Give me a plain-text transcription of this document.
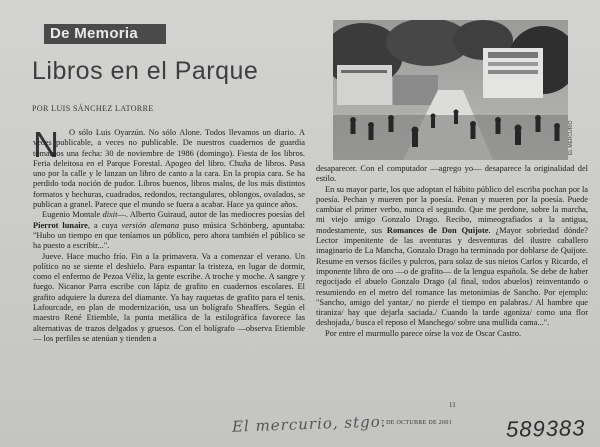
De Memoria
Libros en el Parque
POR LUIS SÁNCHEZ LATORRE
EL MERCURIO
N	O sólo Luis Oyarzún. No sólo Alone. Todos llevamos un diario. A veces publicable, a veces no publicable. De nuestros cuadernos de guardia tomamos una fecha: 30 de noviembre de 1986 (domingo). Fiesta de los libros. Feria deleitosa en el Parque Forestal. Apogeo del libro. Chuña de libros. Pasa uno por la calle y le lanzan un libro de canto a la cara. En la propia cara. Se ha perdido toda noción de pudor. Libros buenos, libros malos, de los más distintos formatos y hechuras, cuadrados, redondos, rectangulares, oblongos, ovalados, se publican a granel. Parece que el mundo se fuera a acabar. Hace ya quince años.

Eugenio Montale dixit—. Alberto Guiraud, autor de las mediocres poesías del Pierrot lunaire, a cuya versión alemana puso música Schönberg, apuntaba: "Hubo un tiempo en que teníamos un público, pero ahora también el público se ha puesto a escribir...".

Jueve. Hace mucho frío. Fin a la primavera. Va a comenzar el verano. Un político no se siente el deshielo. Para espantar la tristeza, en lugar de dormir, como el enfermo de Pezoa Véliz, la gente escribe. A troche y moche. A sangre y fuego. Nicanor Parra escribe con lápiz de grafito en cuadernos escolares. El grafito adquiere la dureza del diamante. Ya hay raquetas de grafito para el tenis. Lafourcade, en plan de modernización, usa un bolígrafo Sheaffers. Según el maestro René Etiemble, la punta metálica de la estilográfica favorece las alternativas de trazos delgados y gruesos. Con el bolígrafo —observa Etiemble— los perfiles se atenúan y tienden a

desaparecer. Con el computador —agrego yo— desaparece la originalidad del estilo.

En su mayor parte, los que adoptan el hábito público del escriba pochan por la poesía. Pechan y mueren por la poesía. Penan y mueren por la poesía. Puede cambiar el primer verbo, nunca el segundo. Que me perdone, sobre la marcha, mi viejo amigo Gonzalo Drago. Recibo, mimeografiados a la antigua, modestamente, sus Romances de Don Quijote. ¿Mayor sobriedad dónde? Lector impenitente de las aventuras y desventuras del ilustre caballero imaginario de La Mancha, Gonzalo Drago ha terminado por doblarse de Quijote. Resume en versos fáciles y pulcros, para solaz de sus nietos Carlos y Ricardo, el imponente libro de oro —o de grafito— de la lengua española. Se debe de haber regocijado el abuelo Gonzalo Drago (al final, todos abuelos) reinventando o resumiendo en el metro del romance las metonimias de Sancho. Por ejemplo: "Sancho, amigo del yantar,/ no pierde el tiempo en palabras./ Al hambre que tiraniza/ hay que dejarla saciada./ Cuando la tarde agoniza/ como una flor deshojada,/ busca el reposo el Manchego/ sobre una mullida cama...".

Por entre el murmullo parece oírse la voz de Oscar Castro.

11
El mercurio, stgo.
7 DE OCTUBRE DE 2001 589383
